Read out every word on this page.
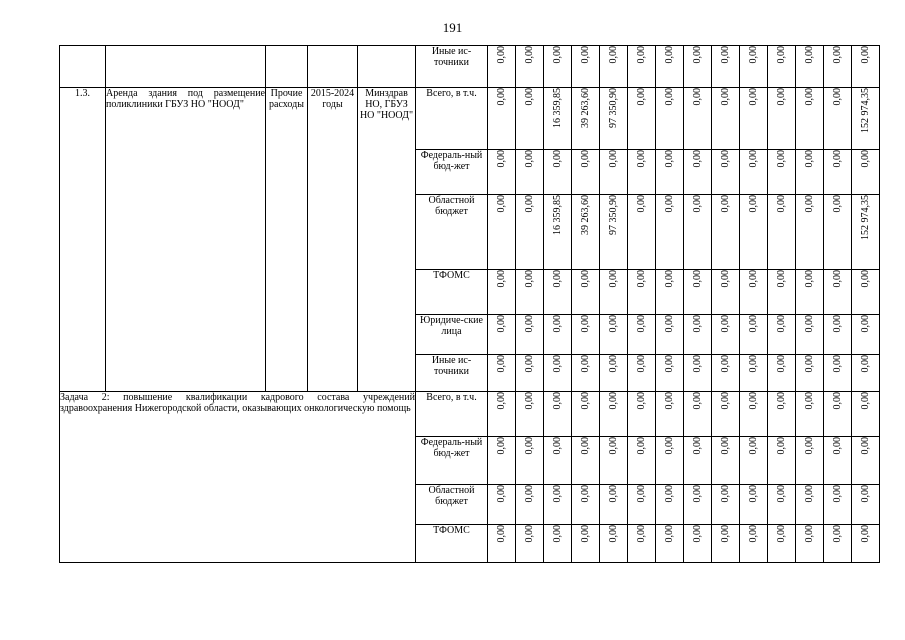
191
					Иные ис-точники	0,00	0,00	0,00	0,00	0,00	0,00	0,00	0,00	0,00	0,00	0,00	0,00	0,00	0,00
1.3.	Аренда здания под размещение поликлиники ГБУЗ НО "НООД"	Прочие расходы	2015-2024 годы	Минздрав НО, ГБУЗ НО "НООД"	Всего, в т.ч.	0,00	0,00	16 359,85	39 263,60	97 350,90	0,00	0,00	0,00	0,00	0,00	0,00	0,00	0,00	152 974,35
					Федераль-ный бюд-жет	0,00	0,00	0,00	0,00	0,00	0,00	0,00	0,00	0,00	0,00	0,00	0,00	0,00	0,00
					Областной бюджет	0,00	0,00	16 359,85	39 263,60	97 350,90	0,00	0,00	0,00	0,00	0,00	0,00	0,00	0,00	152 974,35
					ТФОМС	0,00	0,00	0,00	0,00	0,00	0,00	0,00	0,00	0,00	0,00	0,00	0,00	0,00	0,00
					Юридиче-ские лица	0,00	0,00	0,00	0,00	0,00	0,00	0,00	0,00	0,00	0,00	0,00	0,00	0,00	0,00
					Иные ис-точники	0,00	0,00	0,00	0,00	0,00	0,00	0,00	0,00	0,00	0,00	0,00	0,00	0,00	0,00
Задача 2: повышение квалификации кадрового состава учреждений здравоохранения Нижегородской области, оказывающих онкологическую помощь					Всего, в т.ч.	0,00	0,00	0,00	0,00	0,00	0,00	0,00	0,00	0,00	0,00	0,00	0,00	0,00	0,00
					Федераль-ный бюд-жет	0,00	0,00	0,00	0,00	0,00	0,00	0,00	0,00	0,00	0,00	0,00	0,00	0,00	0,00
					Областной бюджет	0,00	0,00	0,00	0,00	0,00	0,00	0,00	0,00	0,00	0,00	0,00	0,00	0,00	0,00
					ТФОМС	0,00	0,00	0,00	0,00	0,00	0,00	0,00	0,00	0,00	0,00	0,00	0,00	0,00	0,00
